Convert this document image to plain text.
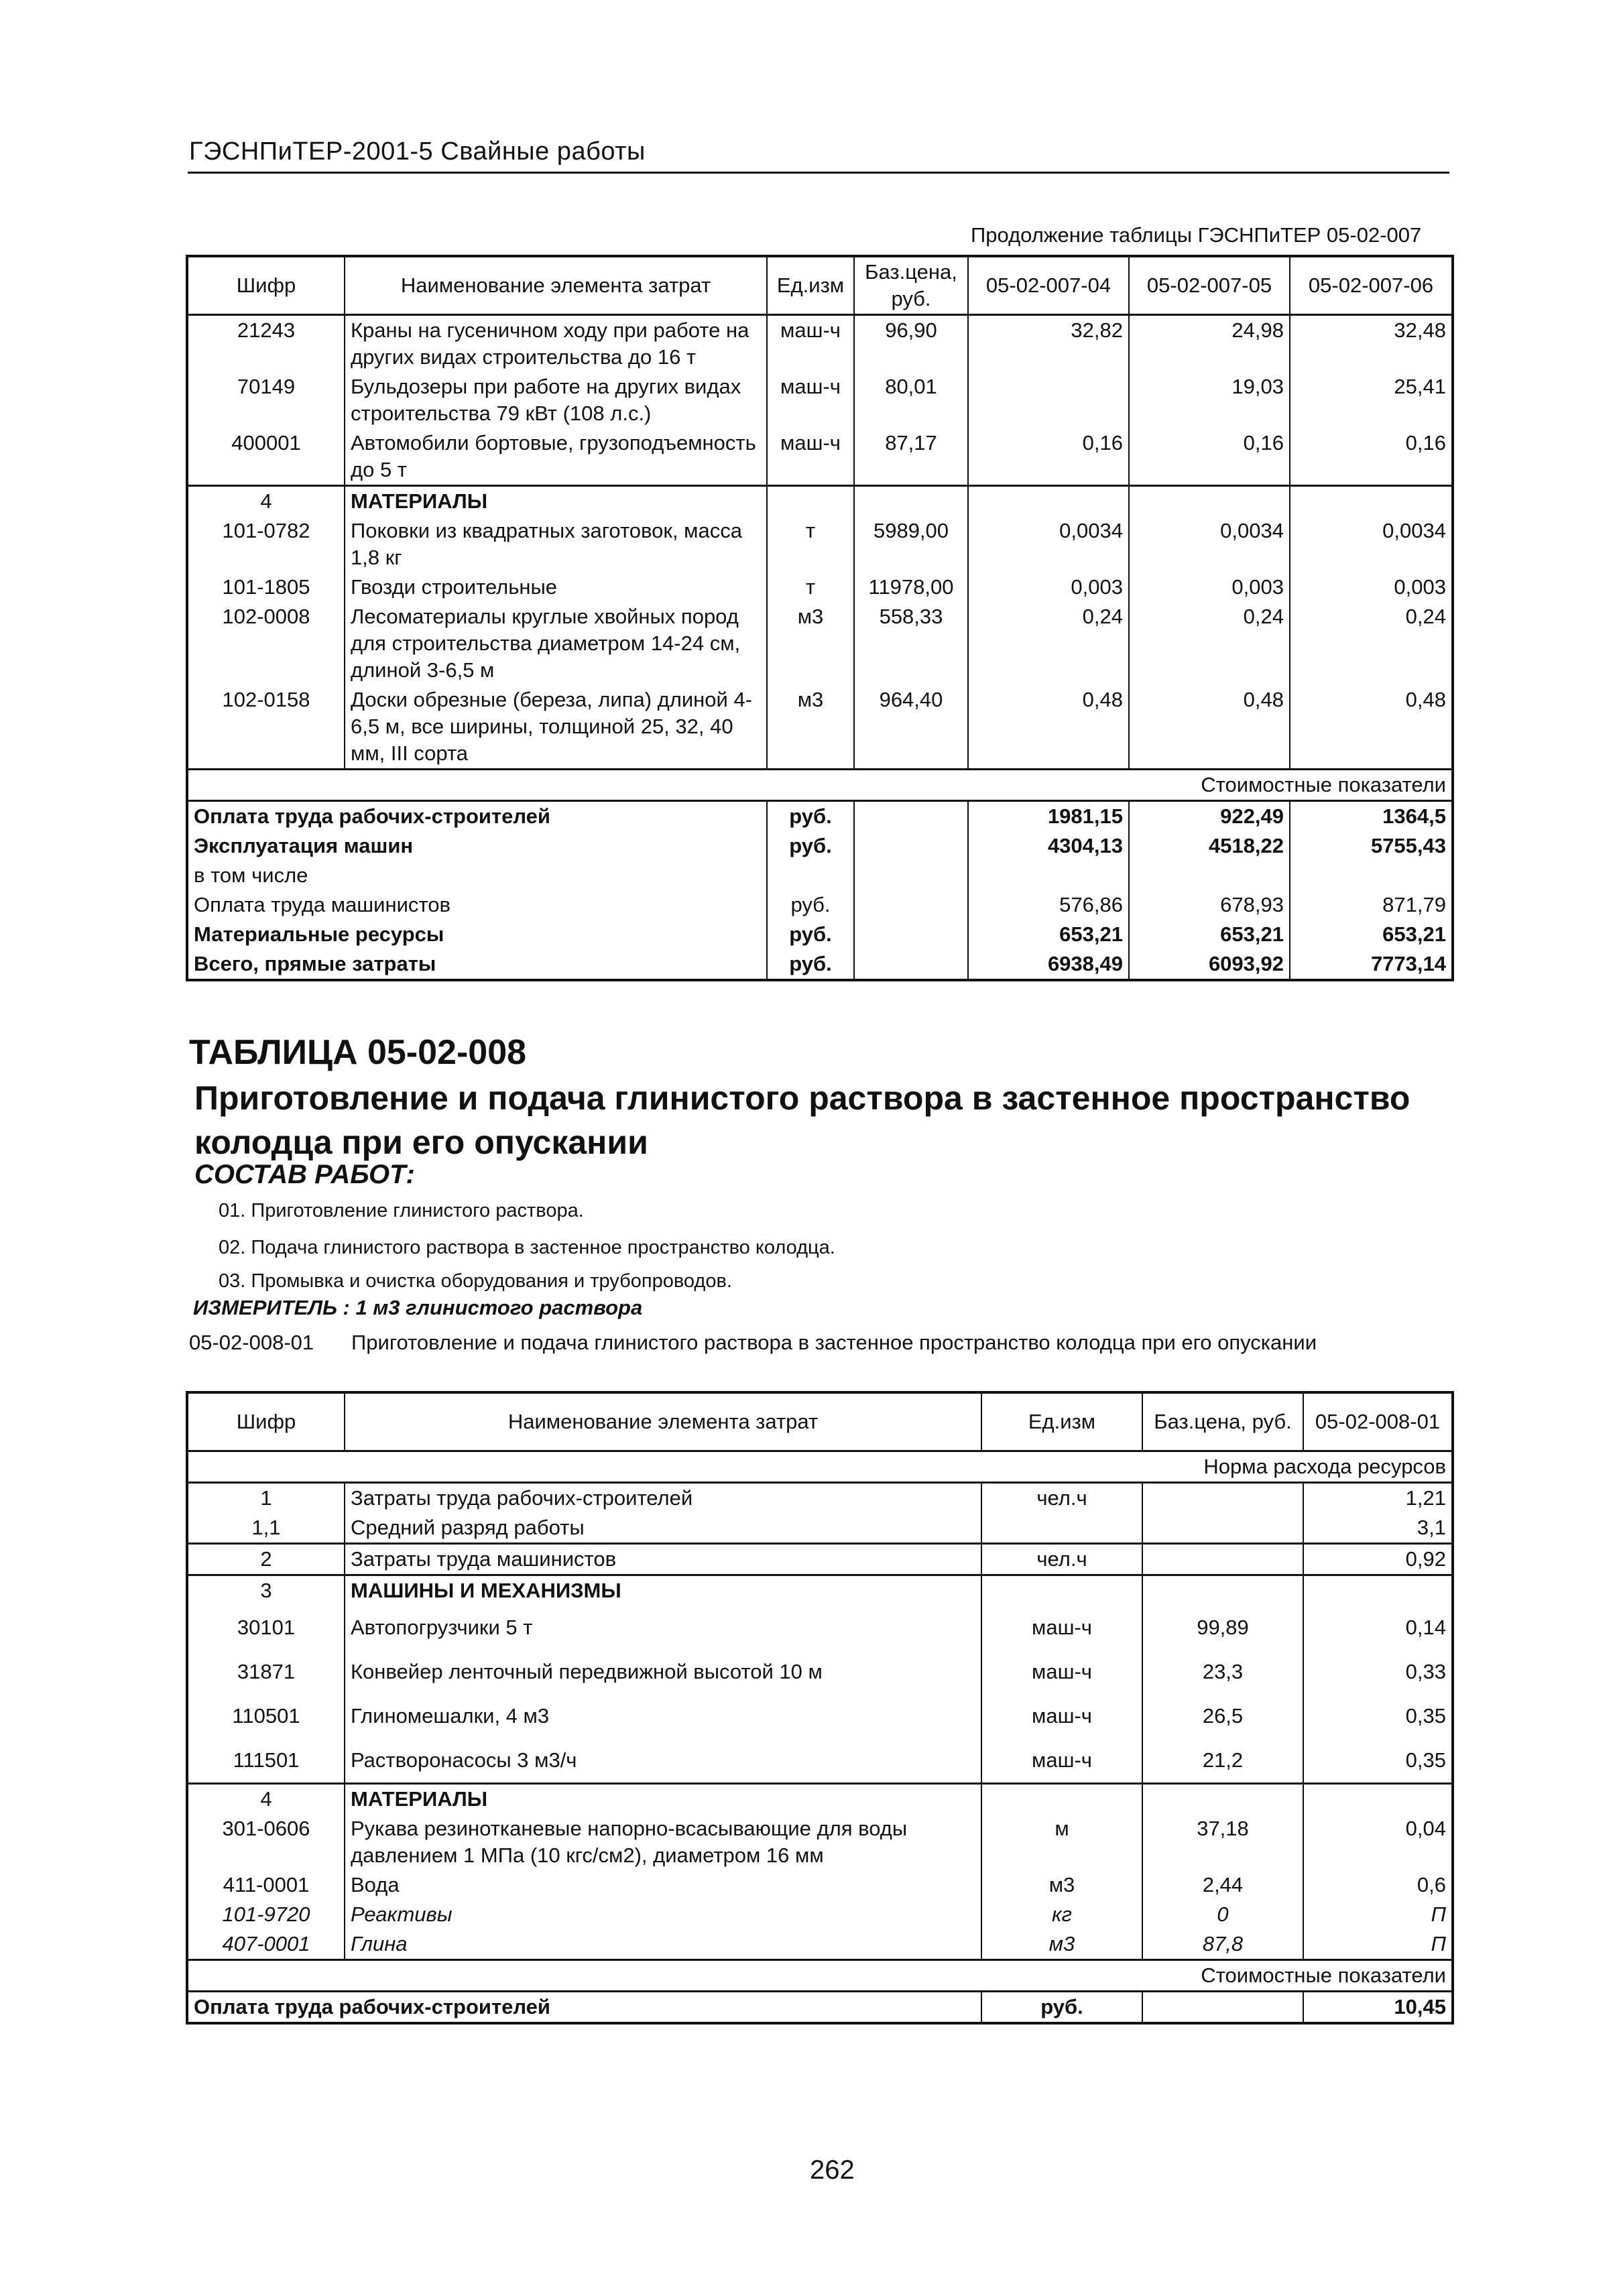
ГЭСНПиТЕР-2001-5 Свайные работы
Продолжение таблицы ГЭСНПиТЕР 05-02-007
Шифр	Наименование элемента затрат	Ед.изм	Баз.цена, руб.	05-02-007-04	05-02-007-05	05-02-007-06
21243	Краны на гусеничном ходу при работе на других видах строительства до 16 т	маш-ч	96,90	32,82	24,98	32,48
70149	Бульдозеры при работе на других видах строительства 79 кВт (108 л.с.)	маш-ч	80,01		19,03	25,41
400001	Автомобили бортовые, грузоподъемность до 5 т	маш-ч	87,17	0,16	0,16	0,16
4	МАТЕРИАЛЫ					
101-0782	Поковки из квадратных заготовок, масса 1,8 кг	т	5989,00	0,0034	0,0034	0,0034
101-1805	Гвозди строительные	т	11978,00	0,003	0,003	0,003
102-0008	Лесоматериалы круглые хвойных пород для строительства диаметром 14-24 см, длиной 3-6,5 м	м3	558,33	0,24	0,24	0,24
102-0158	Доски обрезные (береза, липа) длиной 4-6,5 м, все ширины, толщиной 25, 32, 40 мм, III сорта	м3	964,40	0,48	0,48	0,48
Стоимостные показатели						
Оплата труда рабочих-строителей		руб.		1981,15	922,49	1364,5
Эксплуатация машин		руб.		4304,13	4518,22	5755,43
в том числе						
Оплата труда машинистов		руб.		576,86	678,93	871,79
Материальные ресурсы		руб.		653,21	653,21	653,21
Всего, прямые затраты		руб.		6938,49	6093,92	7773,14
ТАБЛИЦА 05-02-008
Приготовление и подача глинистого раствора в застенное пространство колодца при его опускании
СОСТАВ РАБОТ:
01. Приготовление глинистого раствора.
02. Подача глинистого раствора в застенное пространство колодца.
03. Промывка и очистка оборудования и трубопроводов.
ИЗМЕРИТЕЛЬ : 1 м3 глинистого раствора
05-02-008-01 Приготовление и подача глинистого раствора в застенное пространство колодца при его опускании
Шифр	Наименование элемента затрат	Ед.изм	Баз.цена, руб.	05-02-008-01
Норма расхода ресурсов				
1	Затраты труда рабочих-строителей	чел.ч		1,21
1,1	Средний разряд работы			3,1
2	Затраты труда машинистов	чел.ч		0,92
3	МАШИНЫ И МЕХАНИЗМЫ			
30101	Автопогрузчики 5 т	маш-ч	99,89	0,14
31871	Конвейер ленточный передвижной высотой 10 м	маш-ч	23,3	0,33
110501	Глиномешалки, 4 м3	маш-ч	26,5	0,35
111501	Растворонасосы 3 м3/ч	маш-ч	21,2	0,35
4	МАТЕРИАЛЫ			
301-0606	Рукава резинотканевые напорно-всасывающие для воды давлением 1 МПа (10 кгс/см2), диаметром 16 мм	м	37,18	0,04
411-0001	Вода	м3	2,44	0,6
101-9720	Реактивы	кг	0	П
407-0001	Глина	м3	87,8	П
Стоимостные показатели				
Оплата труда рабочих-строителей		руб.		10,45
262
